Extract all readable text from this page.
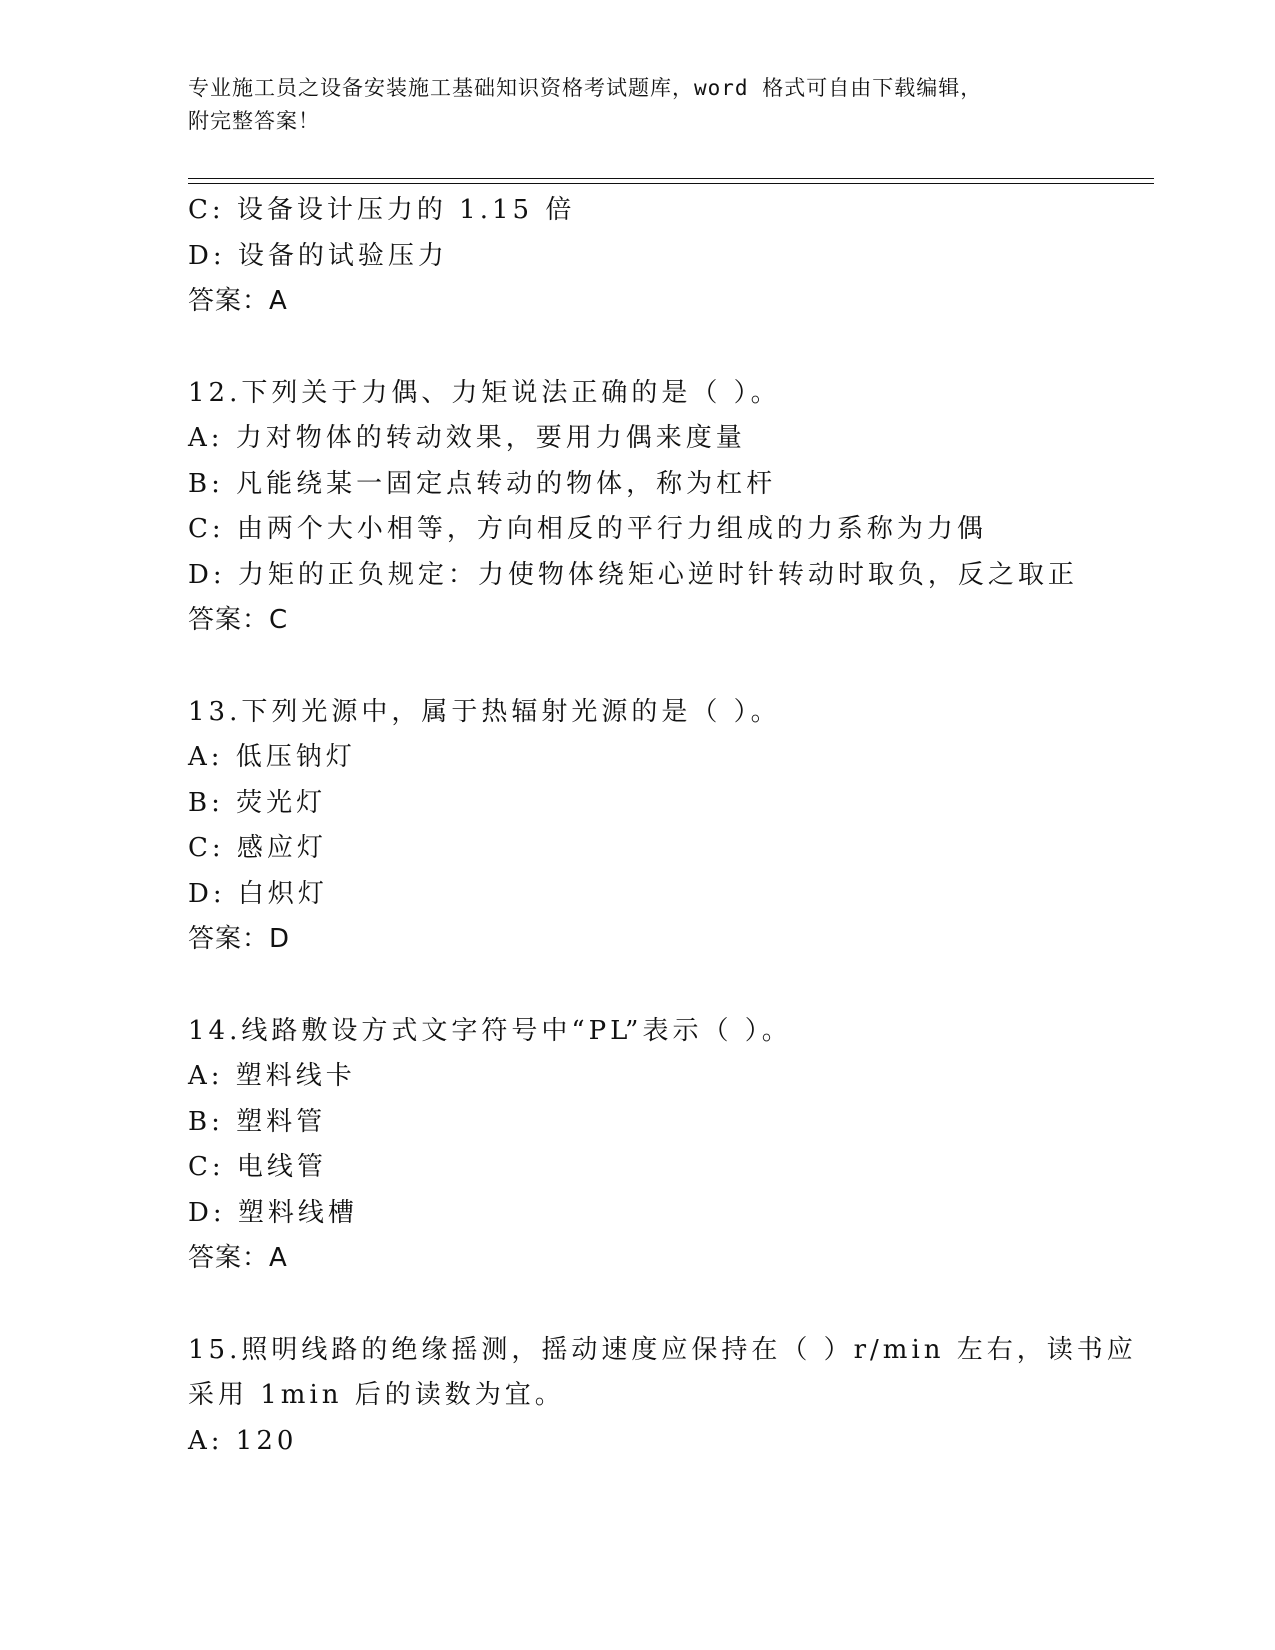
专业施工员之设备安装施工基础知识资格考试题库，word 格式可自由下载编辑，
附完整答案！
C: 设备设计压力的 1.15 倍
D: 设备的试验压力
答案：A
12.下列关于力偶、力矩说法正确的是（ ）。
A: 力对物体的转动效果，要用力偶来度量
B: 凡能绕某一固定点转动的物体，称为杠杆
C: 由两个大小相等，方向相反的平行力组成的力系称为力偶
D: 力矩的正负规定：力使物体绕矩心逆时针转动时取负，反之取正
答案：C
13.下列光源中，属于热辐射光源的是（ ）。
A: 低压钠灯
B: 荧光灯
C: 感应灯
D: 白炽灯
答案：D
14.线路敷设方式文字符号中“PL”表示（ ）。
A: 塑料线卡
B: 塑料管
C: 电线管
D: 塑料线槽
答案：A
15.照明线路的绝缘摇测，摇动速度应保持在（ ）r/min 左右，读书应
采用 1min 后的读数为宜。
A: 120
